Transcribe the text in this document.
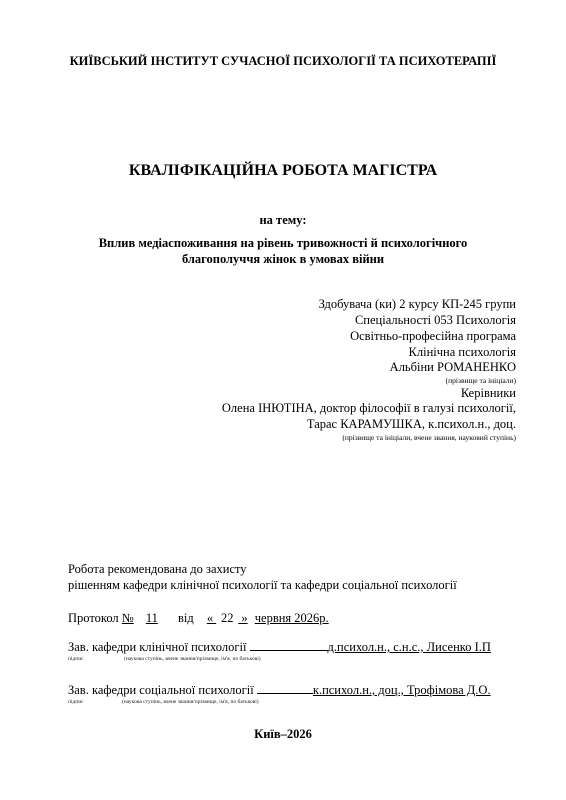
КИЇВСЬКИЙ ІНСТИТУТ СУЧАСНОЇ ПСИХОЛОГІЇ ТА ПСИХОТЕРАПІЇ
КВАЛІФІКАЦІЙНА РОБОТА МАГІСТРА
на тему:
Вплив медіаспоживання на рівень тривожності й психологічного
благополуччя жінок в умовах війни
Здобувача (ки) 2 курсу КП-245 групи
Спеціальності 053 Психологія
Освітньо-професійна програма
Клінічна психологія
Альбіни РОМАНЕНКО
(прізвище та ініціали)
Керівники
Олена ІНЮТІНА, доктор філософії в галузі психології,
Тарас КАРАМУШКА, к.психол.н., доц.
(прізвище та ініціали, вчене звання, науковий ступінь)
Робота рекомендована до захисту
рішенням кафедри клінічної психології та кафедри соціальної психології
Протокол № 11 від « 22 » червня 2026р.
Зав. кафедри клінічної психології	д.психол.н., с.н.с., Лисенко І.П
підпис	(наукова ступінь, вчене звання/прізвище, ім'я, по батькові)
Зав. кафедри соціальної психології	к.психол.н., доц., Трофімова Д.О.
підпис	(наукова ступінь, вчене звання/прізвище, ім'я, по батькові)
Київ–2026
